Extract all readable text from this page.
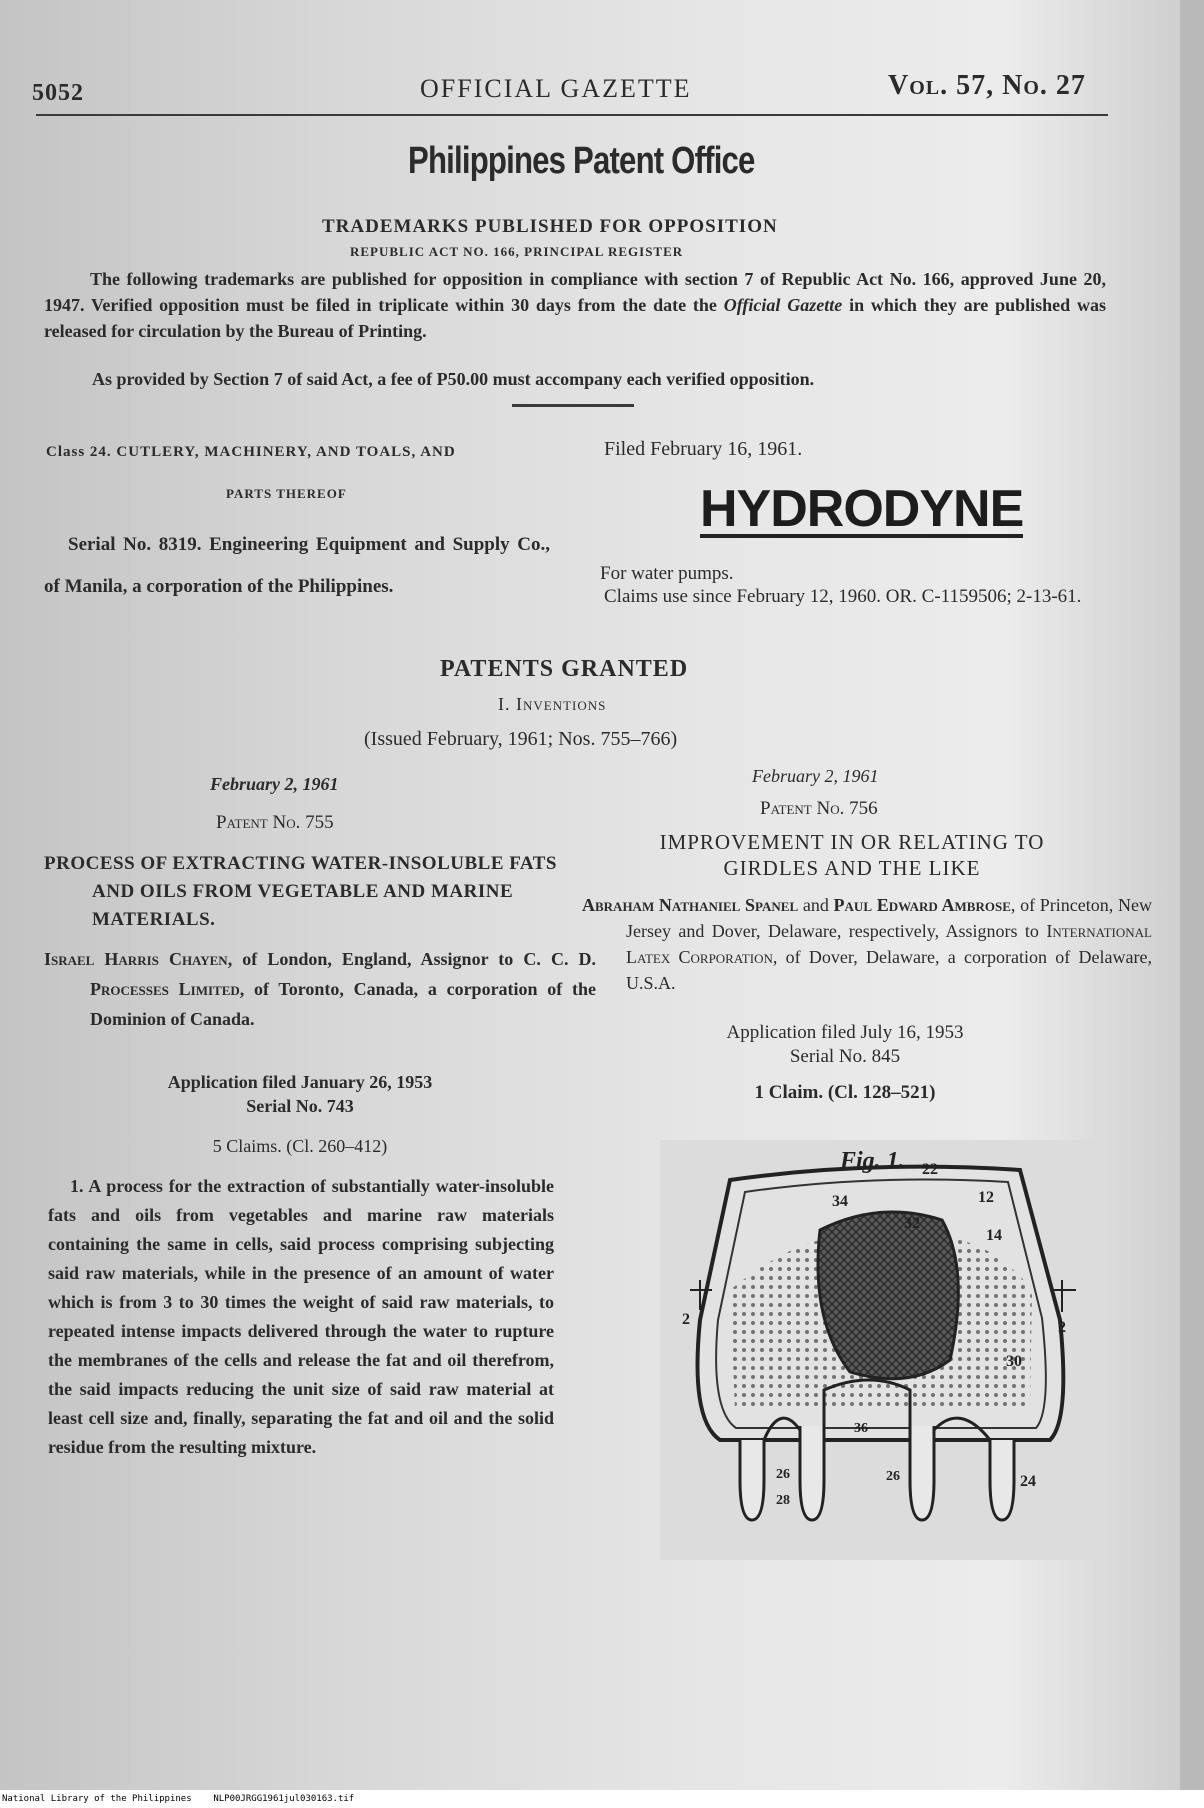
5052	OFFICIAL GAZETTE	Vol. 57, No. 27
Philippines Patent Office
TRADEMARKS PUBLISHED FOR OPPOSITION
REPUBLIC ACT NO. 166, PRINCIPAL REGISTER
The following trademarks are published for opposition in compliance with section 7 of Republic Act No. 166, approved June 20, 1947. Verified opposition must be filed in triplicate within 30 days from the date the Official Gazette in which they are published was released for circulation by the Bureau of Printing.
As provided by Section 7 of said Act, a fee of P50.00 must accompany each verified opposition.
Class 24. CUTLERY, MACHINERY, AND TOALS, AND
PARTS THEREOF
Serial No. 8319. Engineering Equipment and Supply Co., of Manila, a corporation of the Philippines.
Filed February 16, 1961.
HYDRODYNE
For water pumps.
Claims use since February 12, 1960. OR. C-1159506; 2-13-61.
PATENTS GRANTED
I. Inventions
(Issued February, 1961; Nos. 755–766)
February 2, 1961
Patent No. 755
PROCESS OF EXTRACTING WATER-INSOLUBLE FATS AND OILS FROM VEGETABLE AND MARINE MATERIALS.
Israel Harris Chayen, of London, England, Assignor to C. C. D. Processes Limited, of Toronto, Canada, a corporation of the Dominion of Canada.
Application filed January 26, 1953
Serial No. 743
5 Claims. (Cl. 260–412)
1. A process for the extraction of substantially water-insoluble fats and oils from vegetables and marine raw materials containing the same in cells, said process comprising subjecting said raw materials, while in the presence of an amount of water which is from 3 to 30 times the weight of said raw materials, to repeated intense impacts delivered through the water to rupture the membranes of the cells and release the fat and oil therefrom, the said impacts reducing the unit size of said raw material at least cell size and, finally, separating the fat and oil and the solid residue from the resulting mixture.
February 2, 1961
Patent No. 756
IMPROVEMENT IN OR RELATING TO
GIRDLES AND THE LIKE
Abraham Nathaniel Spanel and Paul Edward Ambrose, of Princeton, New Jersey and Dover, Delaware, respectively, Assignors to International Latex Corporation, of Dover, Delaware, a corporation of Delaware, U.S.A.
Application filed July 16, 1953
Serial No. 845
1 Claim. (Cl. 128–521)
Fig. 1. 22
34
32
12
14
2	2
30
36
26	26
28
24
National Library of the Philippines NLP00JRGG1961jul030163.tif
